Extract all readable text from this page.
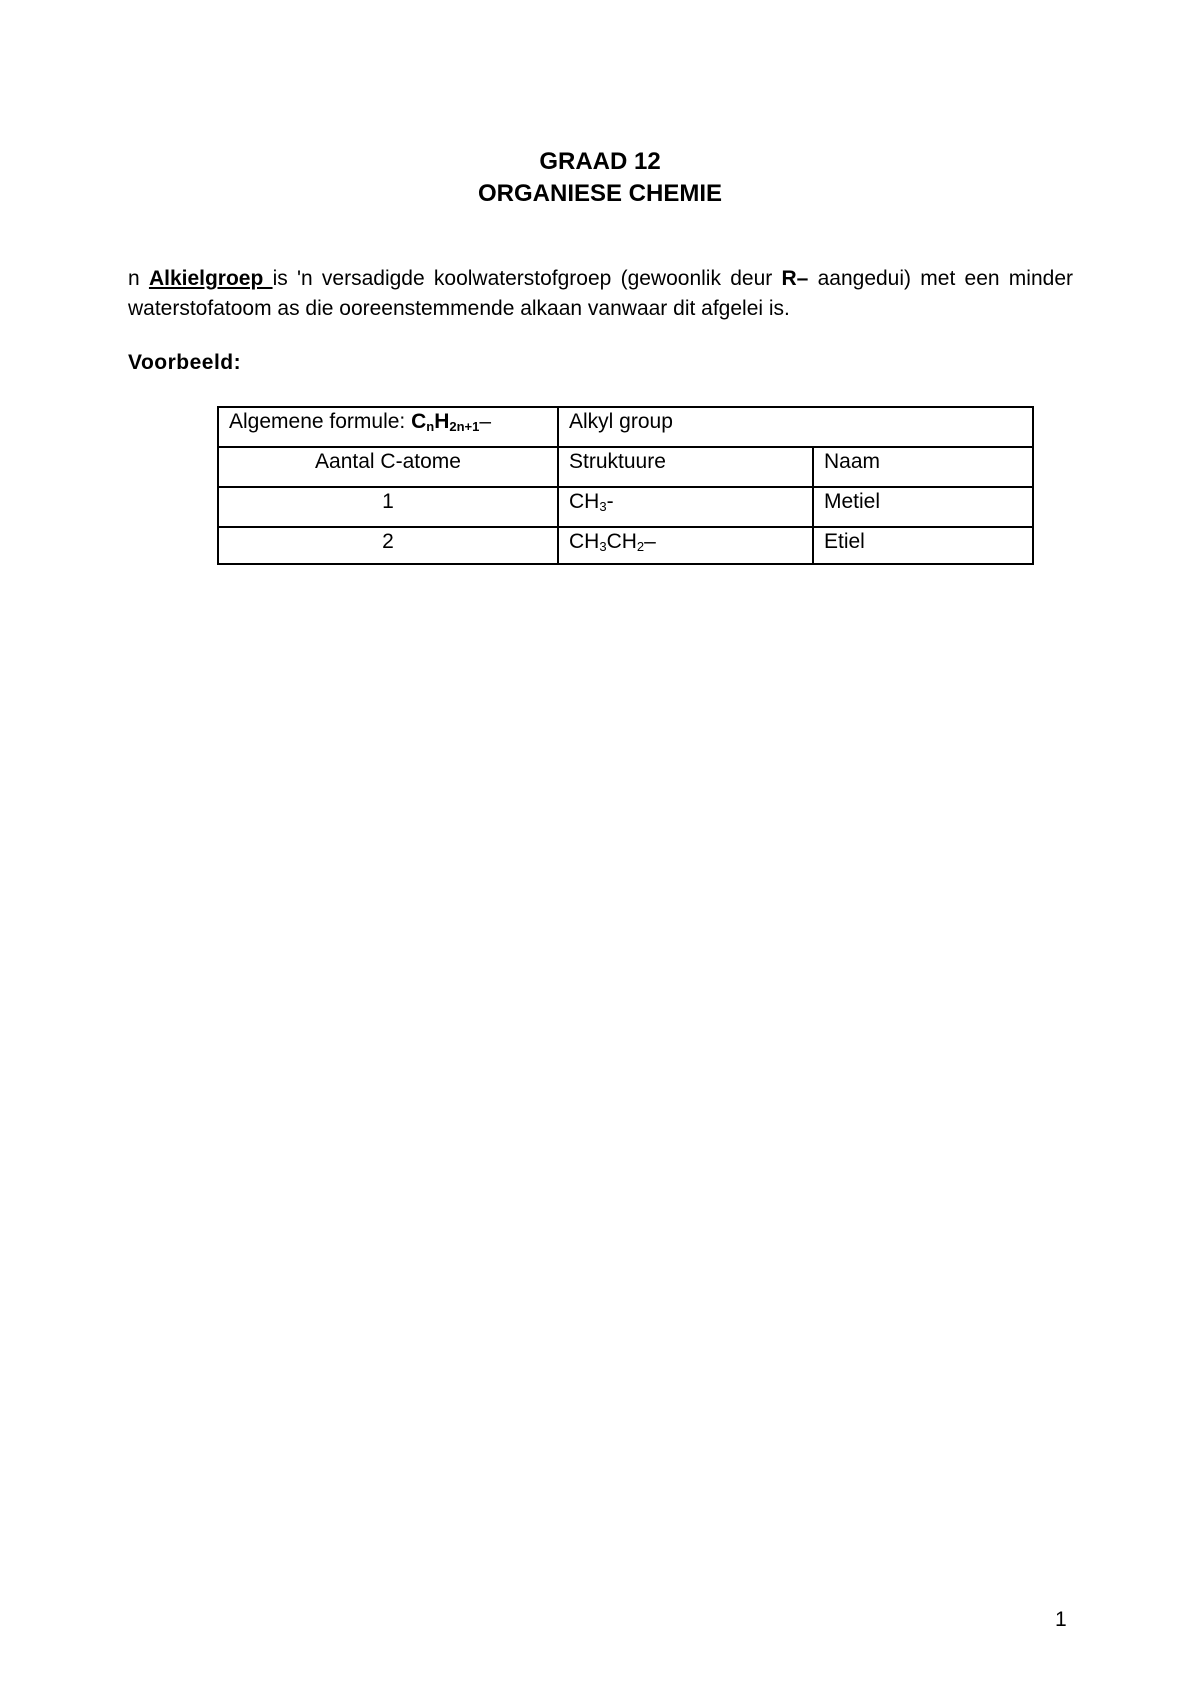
GRAAD 12
ORGANIESE CHEMIE
n Alkielgroep is 'n versadigde koolwaterstofgroep (gewoonlik deur R– aangedui) met een minder waterstofatoom as die ooreenstemmende alkaan vanwaar dit afgelei is.
Voorbeeld:
Algemene formule: $C_nH_{2n+1}-$	Alkyl group	
Aantal C-atome	Struktuure	Naam
1	$CH_3-$	Metiel
2	$CH_3CH_2-$	Etiel
1
